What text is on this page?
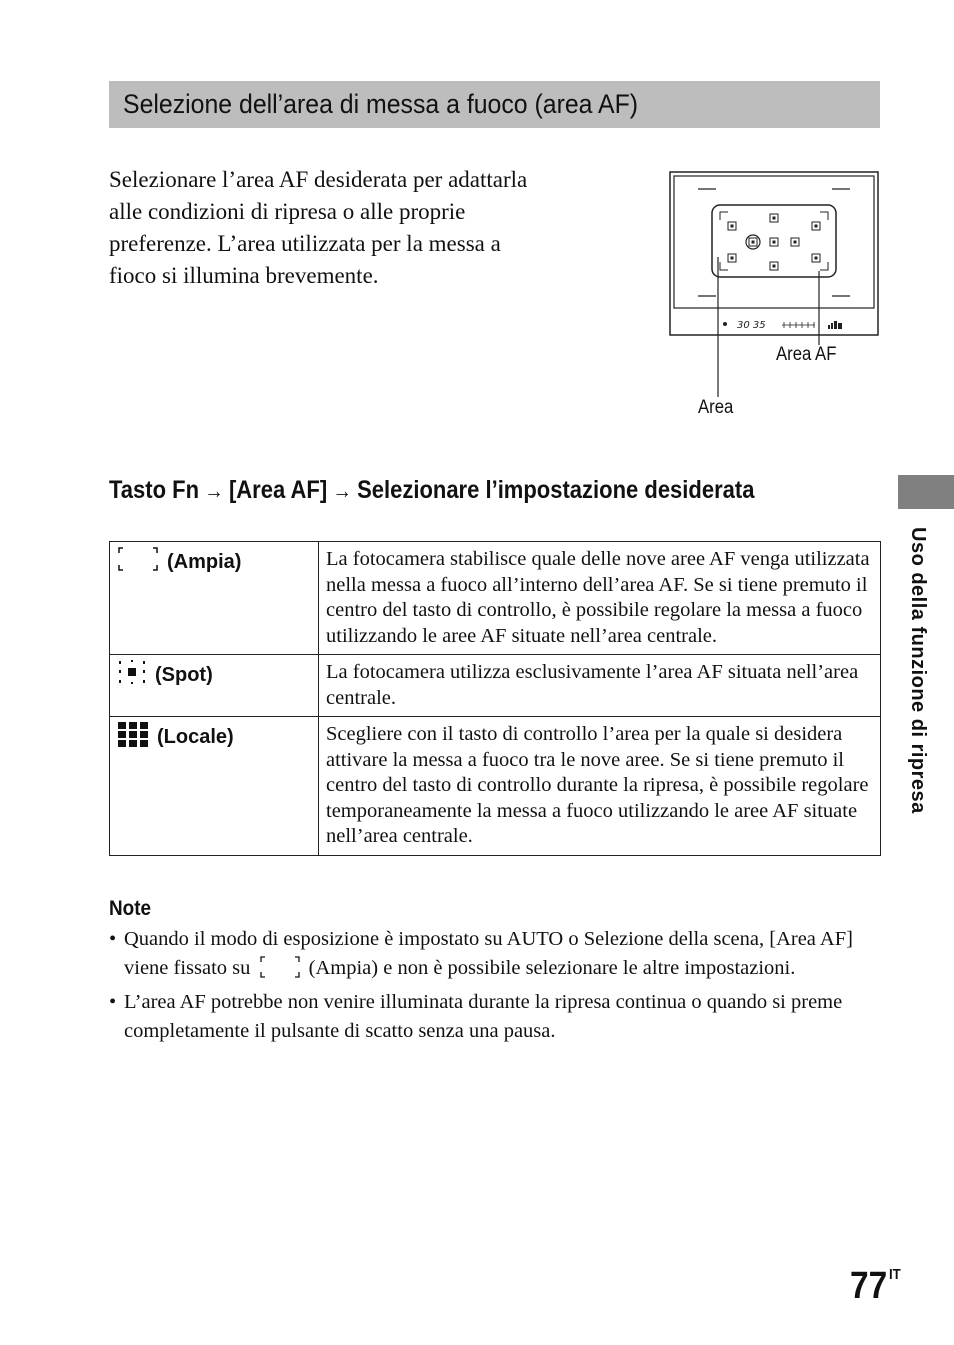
Selezione dell’area di messa a fuoco (area AF)

Selezionare l’area AF desiderata per adattarla alle condizioni di ripresa o alle proprie preferenze. L’area utilizzata per la messa a fioco si illumina brevemente.

30 35
Area AF
Area
Tasto Fn → [Area AF] → Selezionare l’impostazione desiderata
(Ampia)	La fotocamera stabilisce quale delle nove aree AF venga utilizzata nella messa a fuoco all’interno dell’area AF. Se si tiene premuto il centro del tasto di controllo, è possibile regolare la messa a fuoco utilizzando le aree AF situate nell’area centrale.

(Spot)	La fotocamera utilizza esclusivamente l’area AF situata nell’area centrale.

(Locale)	Scegliere con il tasto di controllo l’area per la quale si desidera attivare la messa a fuoco tra le nove aree. Se si tiene premuto il centro del tasto di controllo durante la ripresa, è possibile regolare temporaneamente la messa a fuoco utilizzando le aree AF situate nell’area centrale.
Uso della funzione di ripresa
Note
• Quando il modo di esposizione è impostato su AUTO o Selezione della scena, [Area AF] viene fissato su	(Ampia) e non è possibile selezionare le altre impostazioni.
• L’area AF potrebbe non venire illuminata durante la ripresa continua o quando si preme completamente il pulsante di scatto senza una pausa.
77 $^{IT}$
